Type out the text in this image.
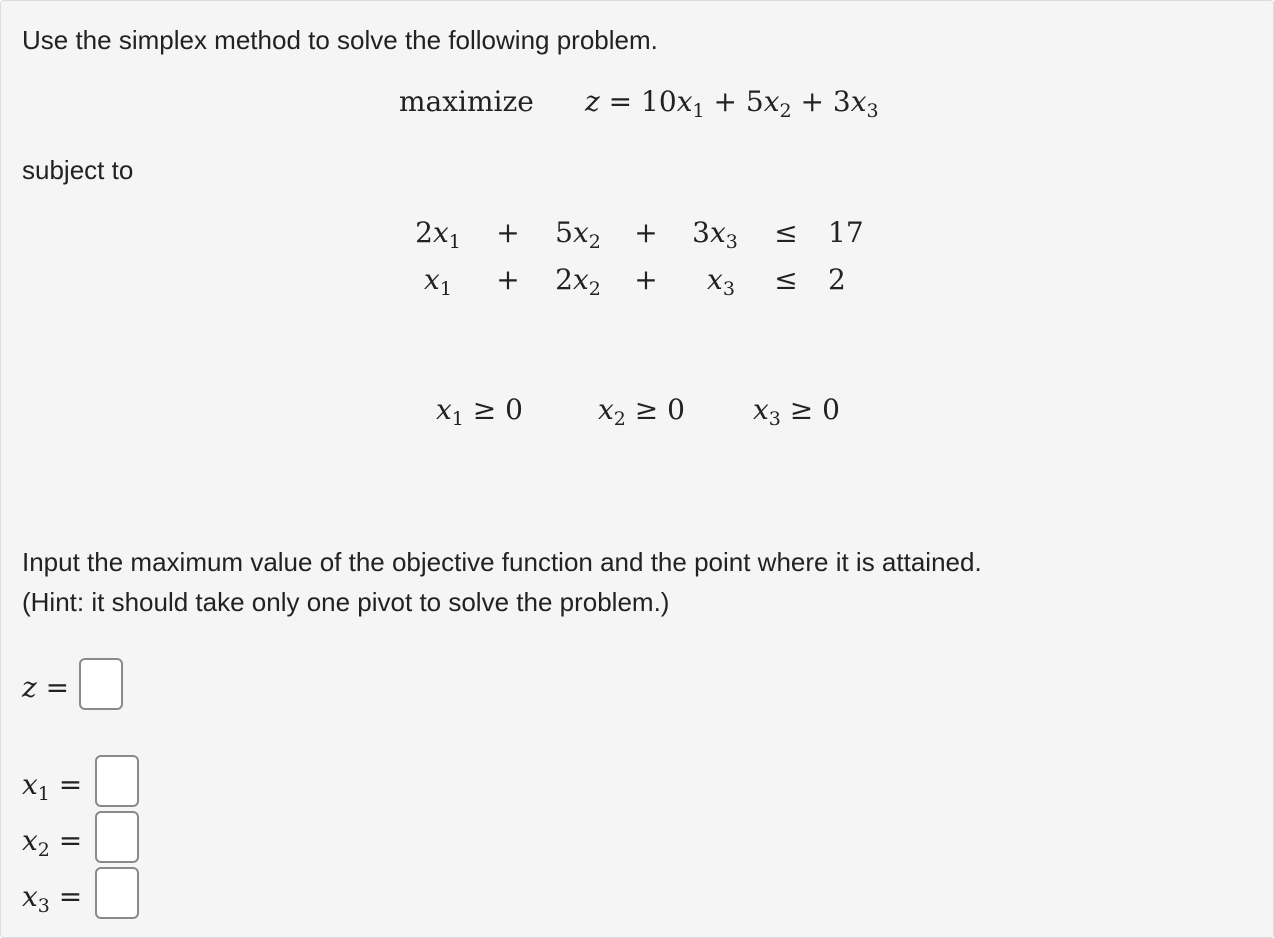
Use the simplex method to solve the following problem.
maximize $z = 10x_1 + 5x_2 + 3x_3$
subject to
$2x_1$	+	$5x_2$	+	$3x_3$	≤ 17
$x_1$	+	$2x_2$	+	$x_3$	≤ 2
$x_1 \ge 0$	$x_2 \ge 0$ $x_3 \ge 0$
Input the maximum value of the objective function and the point where it is attained.
(Hint: it should take only one pivot to solve the problem.)
z =
$x_1$ =
$x_2$ =
$x_3$ =
